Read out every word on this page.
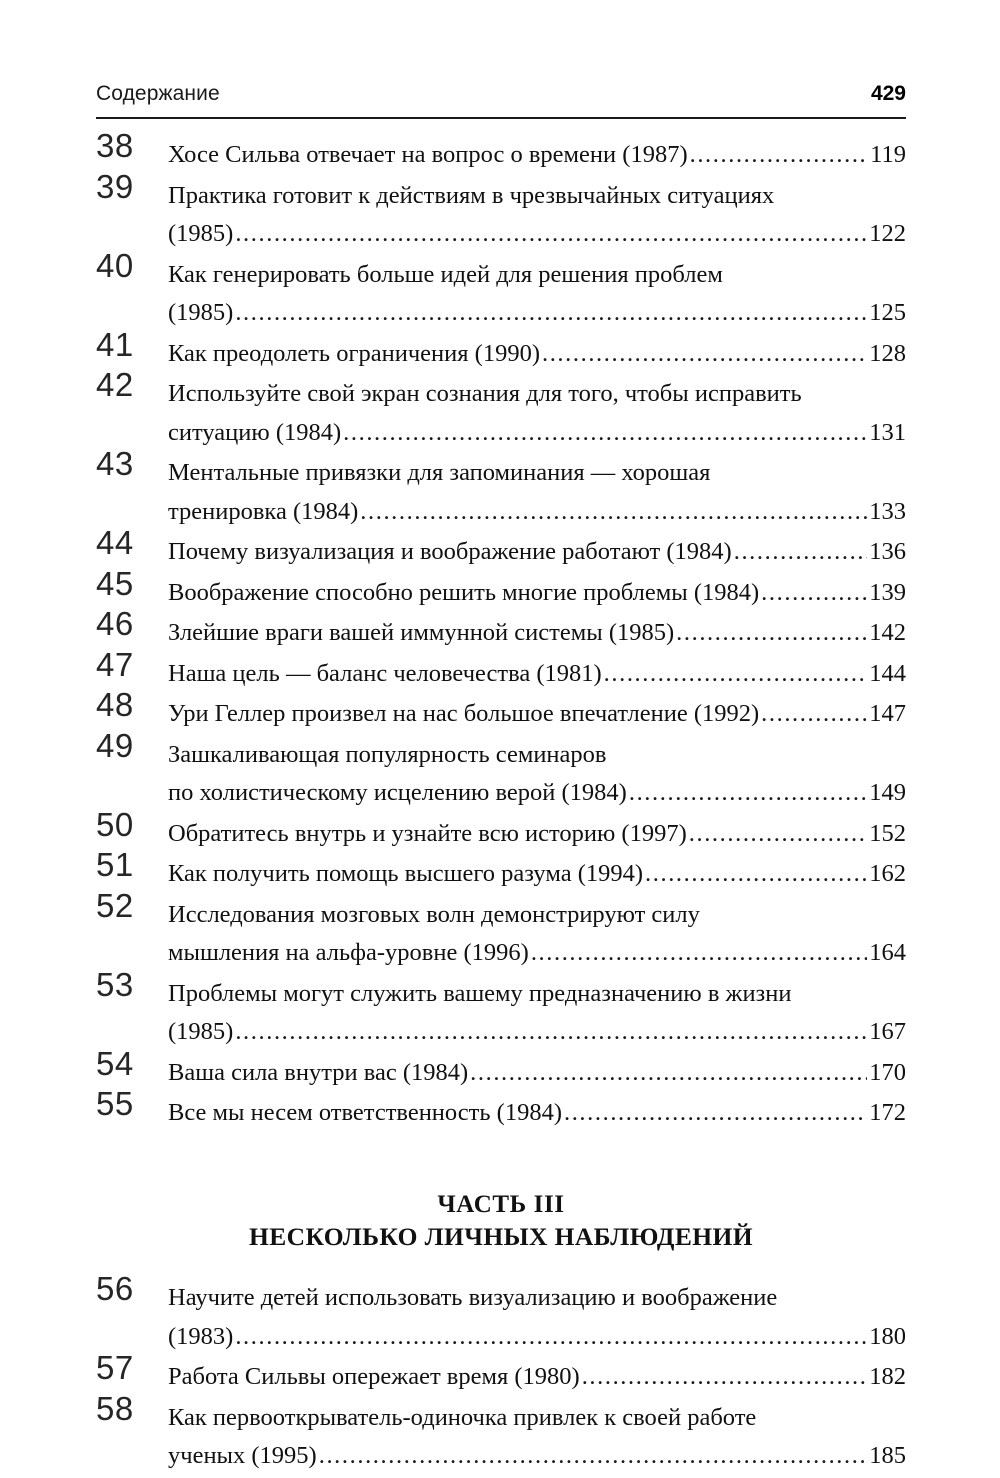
Содержание	429
38	Хосе Сильва отвечает на вопрос о времени (1987) .....	119
39	Практика готовит к действиям в чрезвычайных ситуациях
(1985) .....	122
40	Как генерировать больше идей для решения проблем
(1985) .....	125
41	Как преодолеть ограничения (1990) .....	128
42	Используйте свой экран сознания для того, чтобы исправить
ситуацию (1984) .....	131
43	Ментальные привязки для запоминания — хорошая
тренировка (1984) .....	133
44	Почему визуализация и воображение работают (1984) .....	136
45	Воображение способно решить многие проблемы (1984) .....	139
46	Злейшие враги вашей иммунной системы (1985) .....	142
47	Наша цель — баланс человечества (1981) .....	144
48	Ури Геллер произвел на нас большое впечатление (1992) .....	147
49	Зашкаливающая популярность семинаров
по холистическому исцелению верой (1984) .....	149
50	Обратитесь внутрь и узнайте всю историю (1997) .....	152
51	Как получить помощь высшего разума (1994) .....	162
52	Исследования мозговых волн демонстрируют силу
мышления на альфа-уровне (1996) .....	164
53	Проблемы могут служить вашему предназначению в жизни
(1985) .....	167
54	Ваша сила внутри вас (1984) .....	170
55	Все мы несем ответственность (1984) .....	172
ЧАСТЬ III
НЕСКОЛЬКО ЛИЧНЫХ НАБЛЮДЕНИЙ
56	Научите детей использовать визуализацию и воображение
(1983) .....	180
57	Работа Сильвы опережает время (1980) .....	182
58	Как первооткрыватель-одиночка привлек к своей работе
ученых (1995) .....	185
